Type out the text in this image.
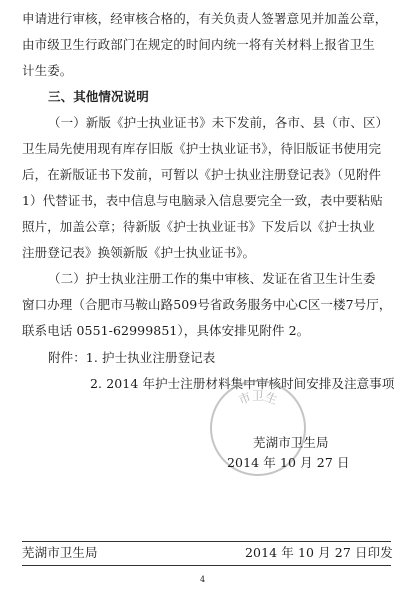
申请进行审核，经审核合格的，有关负责人签署意见并加盖公章，
由市级卫生行政部门在规定的时间内统一将有关材料上报省卫生
计生委。
三、其他情况说明
（一）新版《护士执业证书》未下发前，各市、县（市、区）
卫生局先使用现有库存旧版《护士执业证书》，待旧版证书使用完
后，在新版证书下发前，可暂以《护士执业注册登记表》（见附件
1）代替证书，表中信息与电脑录入信息要完全一致，表中要粘贴
照片，加盖公章；待新版《护士执业证书》下发后以《护士执业
注册登记表》换领新版《护士执业证书》。
（二）护士执业注册工作的集中审核、发证在省卫生计生委
窗口办理（合肥市马鞍山路509号省政务服务中心C区一楼7号厅，
联系电话 0551-62999851），具体安排见附件 2。
附件：1. 护士执业注册登记表
2. 2014 年护士注册材料集中审核时间安排及注意事项
市卫生
芜湖市卫生局
2014 年 10 月 27 日
芜湖市卫生局	2014 年 10 月 27 日印发
4
